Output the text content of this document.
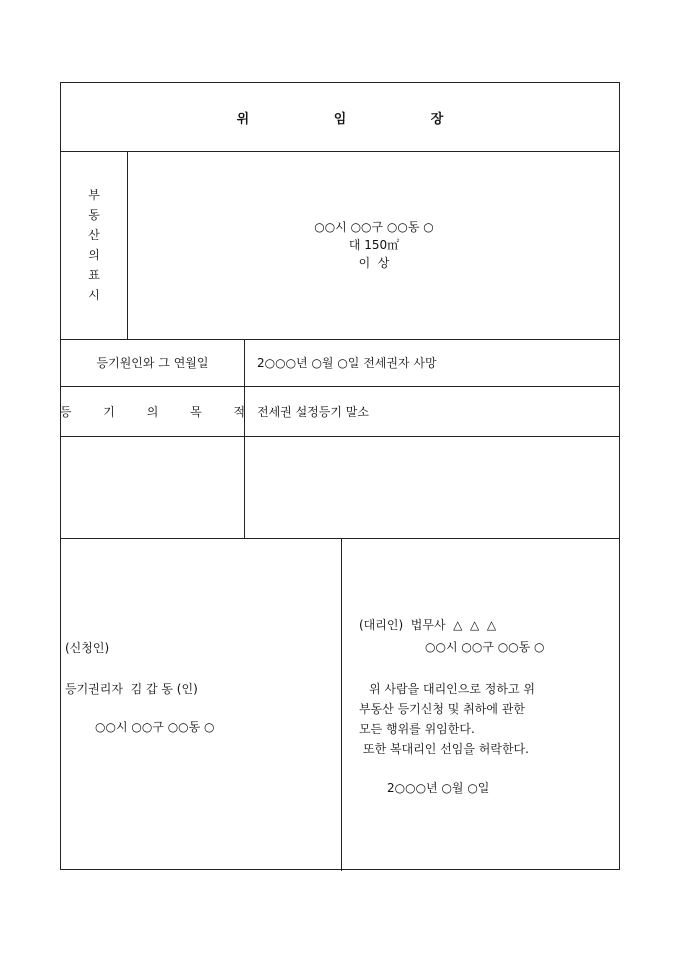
위 임 장
부
동
산
의
표
시
○○시 ○○구 ○○동 ○
대 150㎡
이  상
등기원인와 그 연월일	2○○○년 ○월 ○일 전세권자 사망
등 기 의 목 적
전세권 설정등기 말소
(신청인)
등기권리자  김 갑 동 (인)
○○시 ○○구 ○○동 ○
(대리인)  법무사  △  △  △
○○시 ○○구 ○○동 ○
위 사람을 대리인으로 정하고 위
부동산 등기신청 및 취하에 관한
모든 행위를 위임한다.
또한 복대리인 선임을 허락한다.
2○○○년 ○월 ○일
